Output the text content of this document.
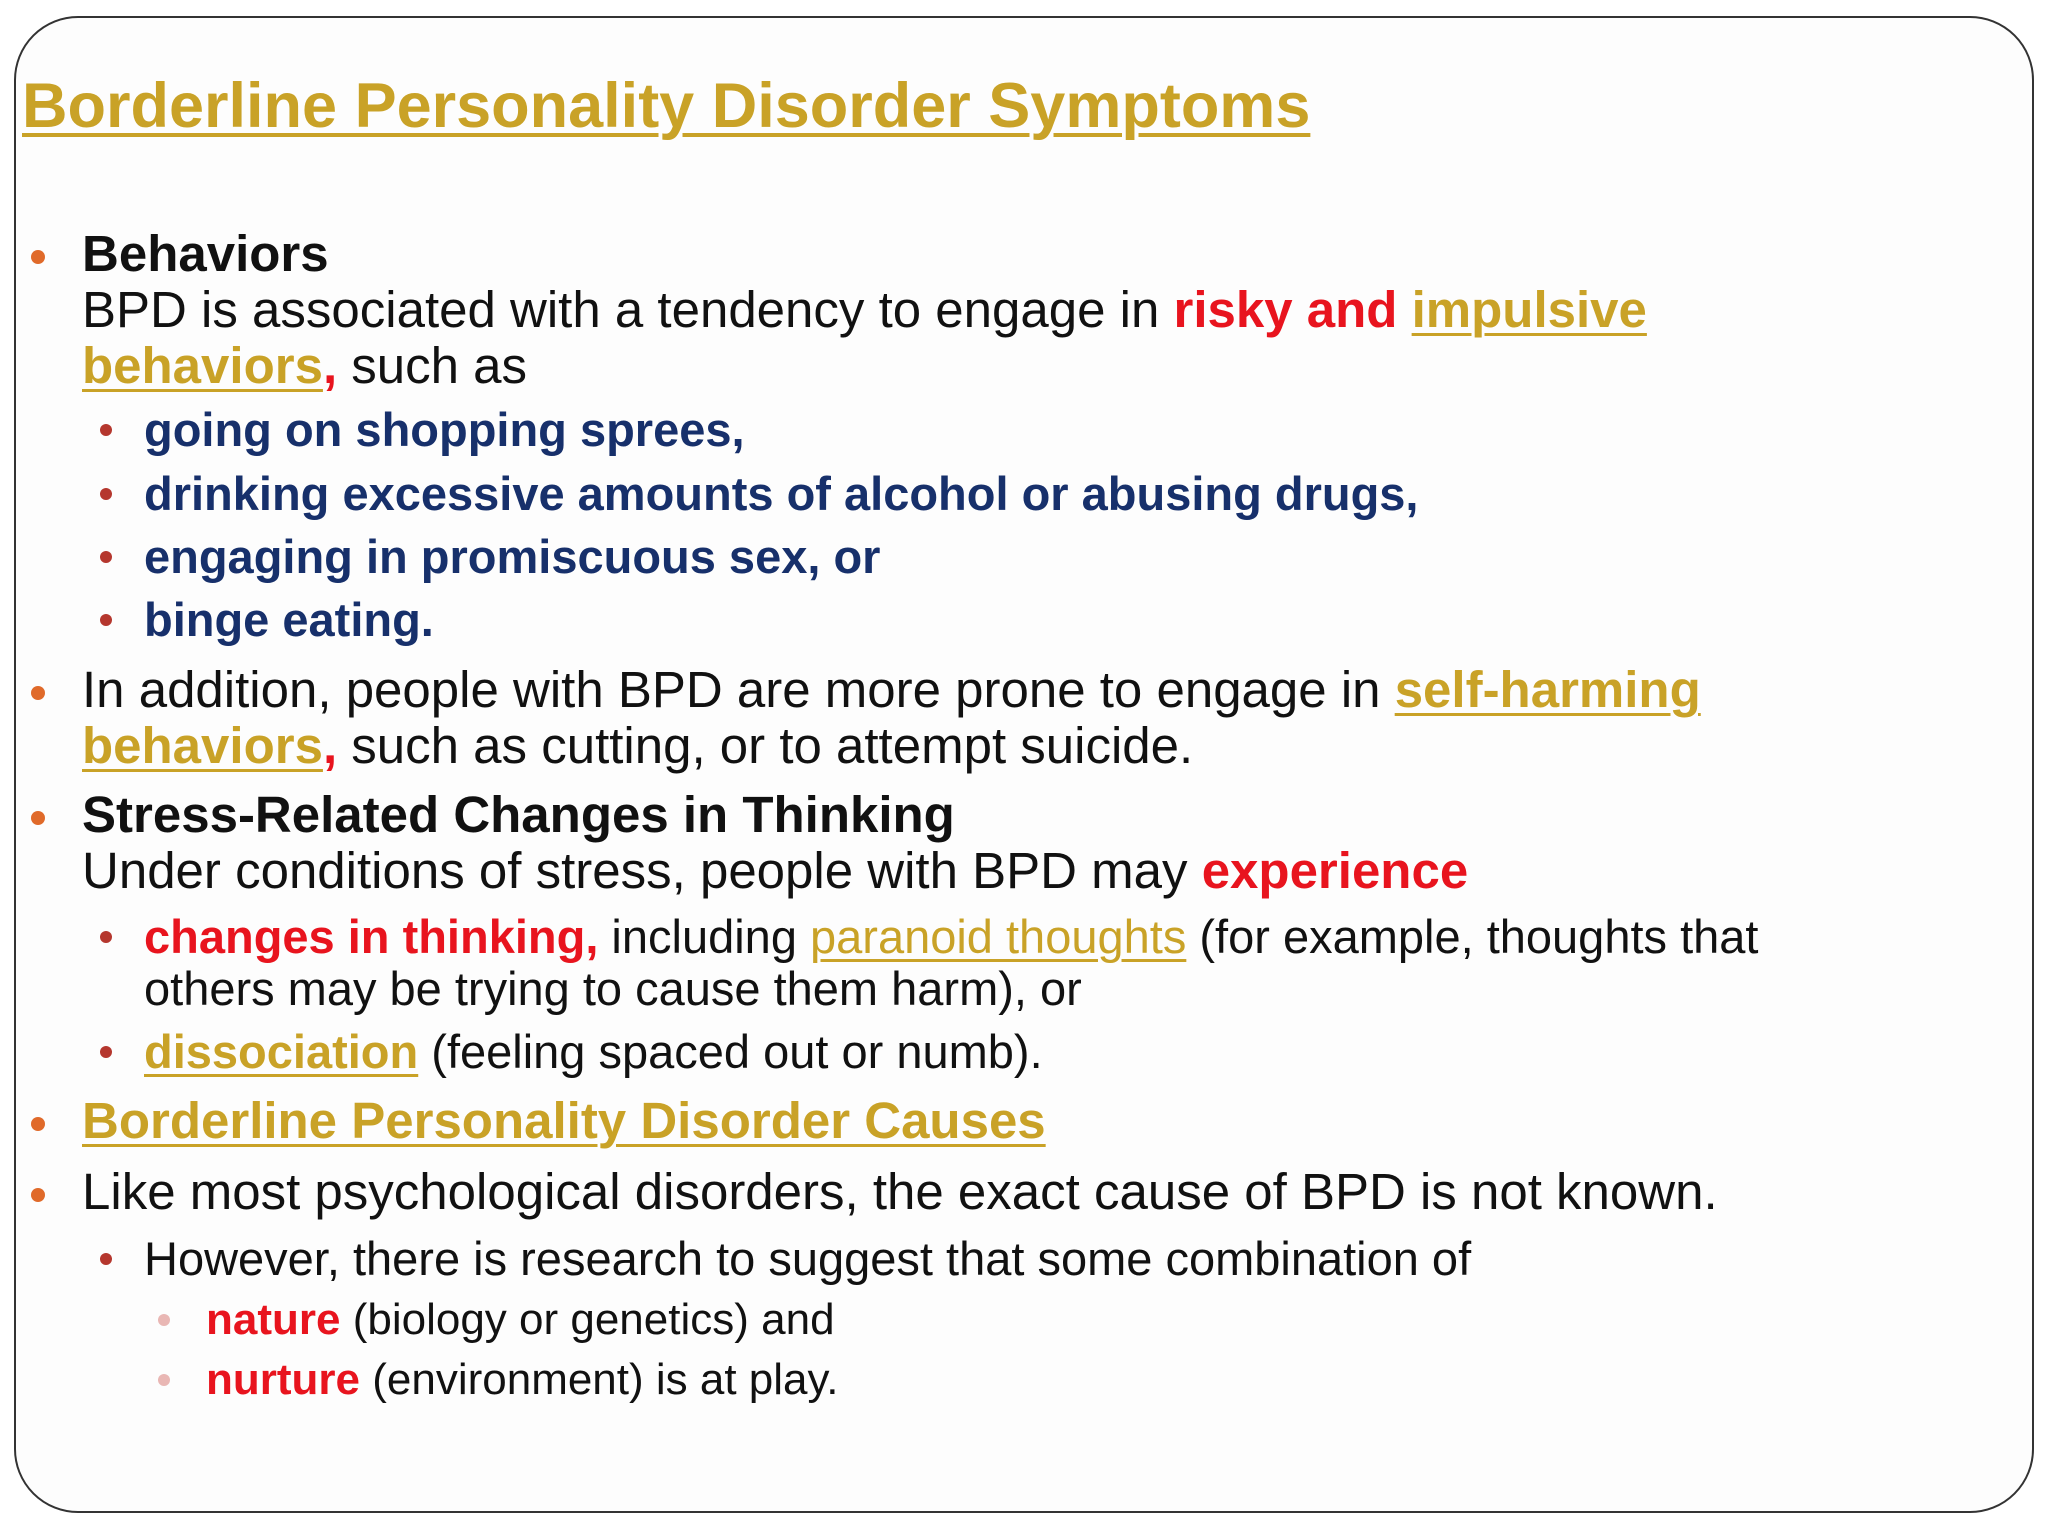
Borderline Personality Disorder Symptoms
Behaviors
BPD is associated with a tendency to engage in risky and impulsive
behaviors, such as
going on shopping sprees,
drinking excessive amounts of alcohol or abusing drugs,
engaging in promiscuous sex, or
binge eating.
In addition, people with BPD are more prone to engage in self-harming
behaviors, such as cutting, or to attempt suicide.
Stress-Related Changes in Thinking
Under conditions of stress, people with BPD may experience
changes in thinking, including paranoid thoughts (for example, thoughts that
others may be trying to cause them harm), or
dissociation (feeling spaced out or numb).
Borderline Personality Disorder Causes
Like most psychological disorders, the exact cause of BPD is not known.
However, there is research to suggest that some combination of
nature (biology or genetics) and
nurture (environment) is at play.
